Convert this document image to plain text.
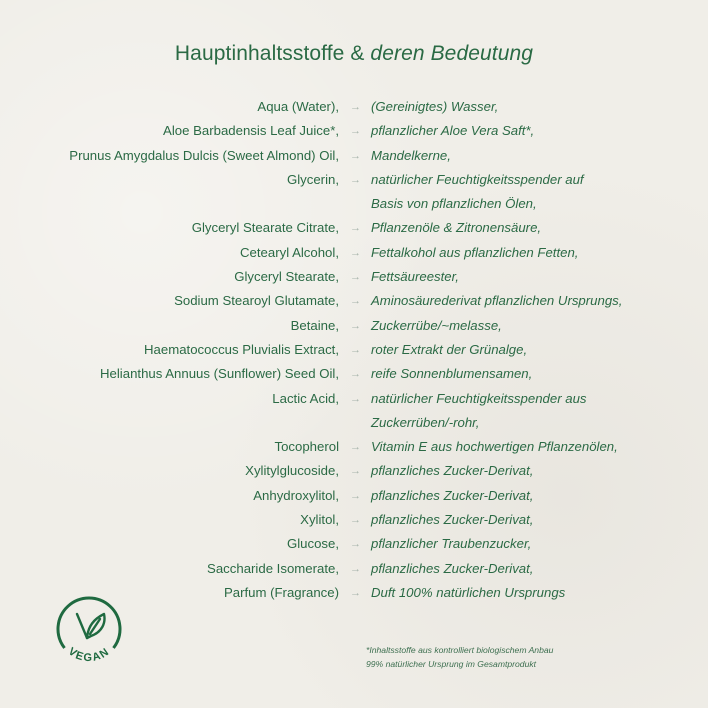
Hauptinhaltsstoffe & deren Bedeutung
Aqua (Water), → (Gereinigtes) Wasser,
Aloe Barbadensis Leaf Juice*, → pflanzlicher Aloe Vera Saft*,
Prunus Amygdalus Dulcis (Sweet Almond) Oil, → Mandelkerne,
Glycerin, → natürlicher Feuchtigkeitsspender auf
Basis von pflanzlichen Ölen,
Glyceryl Stearate Citrate, → Pflanzenöle & Zitronensäure,
Cetearyl Alcohol, → Fettalkohol aus pflanzlichen Fetten,
Glyceryl Stearate, → Fettsäureester,
Sodium Stearoyl Glutamate, → Aminosäurederivat pflanzlichen Ursprungs,
Betaine, → Zuckerrübe/~melasse,
Haematococcus Pluvialis Extract, → roter Extrakt der Grünalge,
Helianthus Annuus (Sunflower) Seed Oil, → reife Sonnenblumensamen,
Lactic Acid, → natürlicher Feuchtigkeitsspender aus
Zuckerrüben/-rohr,
Tocopherol → Vitamin E aus hochwertigen Pflanzenölen,
Xylitylglucoside, → pflanzliches Zucker-Derivat,
Anhydroxylitol, → pflanzliches Zucker-Derivat,
Xylitol, → pflanzliches Zucker-Derivat,
Glucose, → pflanzlicher Traubenzucker,
Saccharide Isomerate, → pflanzliches Zucker-Derivat,
Parfum (Fragrance) → Duft 100% natürlichen Ursprungs
VEGAN	*Inhaltsstoffe aus kontrolliert biologischem Anbau
99% natürlicher Ursprung im Gesamtprodukt
